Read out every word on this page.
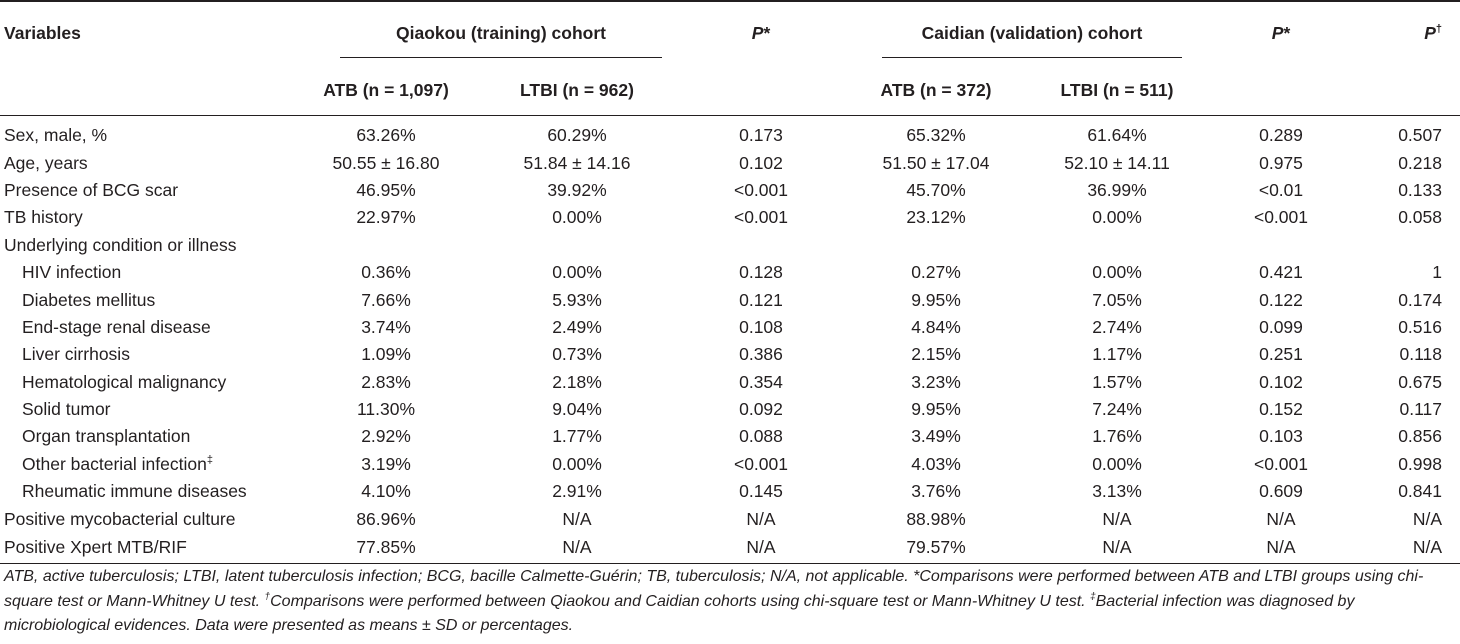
Variables	Qiaokou (training) cohort		P*	Caidian (validation) cohort		P*	P†
	ATB (n = 1,097)	LTBI (n = 962)		ATB (n = 372)	LTBI (n = 511)		
Sex, male, %	63.26%	60.29%	0.173	65.32%	61.64%	0.289	0.507
Age, years	50.55 ± 16.80	51.84 ± 14.16	0.102	51.50 ± 17.04	52.10 ± 14.11	0.975	0.218
Presence of BCG scar	46.95%	39.92%	<0.001	45.70%	36.99%	<0.01	0.133
TB history	22.97%	0.00%	<0.001	23.12%	0.00%	<0.001	0.058
Underlying condition or illness							
HIV infection	0.36%	0.00%	0.128	0.27%	0.00%	0.421	1
Diabetes mellitus	7.66%	5.93%	0.121	9.95%	7.05%	0.122	0.174
End-stage renal disease	3.74%	2.49%	0.108	4.84%	2.74%	0.099	0.516
Liver cirrhosis	1.09%	0.73%	0.386	2.15%	1.17%	0.251	0.118
Hematological malignancy	2.83%	2.18%	0.354	3.23%	1.57%	0.102	0.675
Solid tumor	11.30%	9.04%	0.092	9.95%	7.24%	0.152	0.117
Organ transplantation	2.92%	1.77%	0.088	3.49%	1.76%	0.103	0.856
Other bacterial infection‡	3.19%	0.00%	<0.001	4.03%	0.00%	<0.001	0.998
Rheumatic immune diseases	4.10%	2.91%	0.145	3.76%	3.13%	0.609	0.841
Positive mycobacterial culture	86.96%	N/A	N/A	88.98%	N/A	N/A	N/A
Positive Xpert MTB/RIF	77.85%	N/A	N/A	79.57%	N/A	N/A	N/A
ATB, active tuberculosis; LTBI, latent tuberculosis infection; BCG, bacille Calmette-Guérin; TB, tuberculosis; N/A, not applicable. *Comparisons were performed between ATB and LTBI groups using chi-square test or Mann-Whitney U test. †Comparisons were performed between Qiaokou and Caidian cohorts using chi-square test or Mann-Whitney U test. ‡Bacterial infection was diagnosed by microbiological evidences. Data were presented as means ± SD or percentages.
